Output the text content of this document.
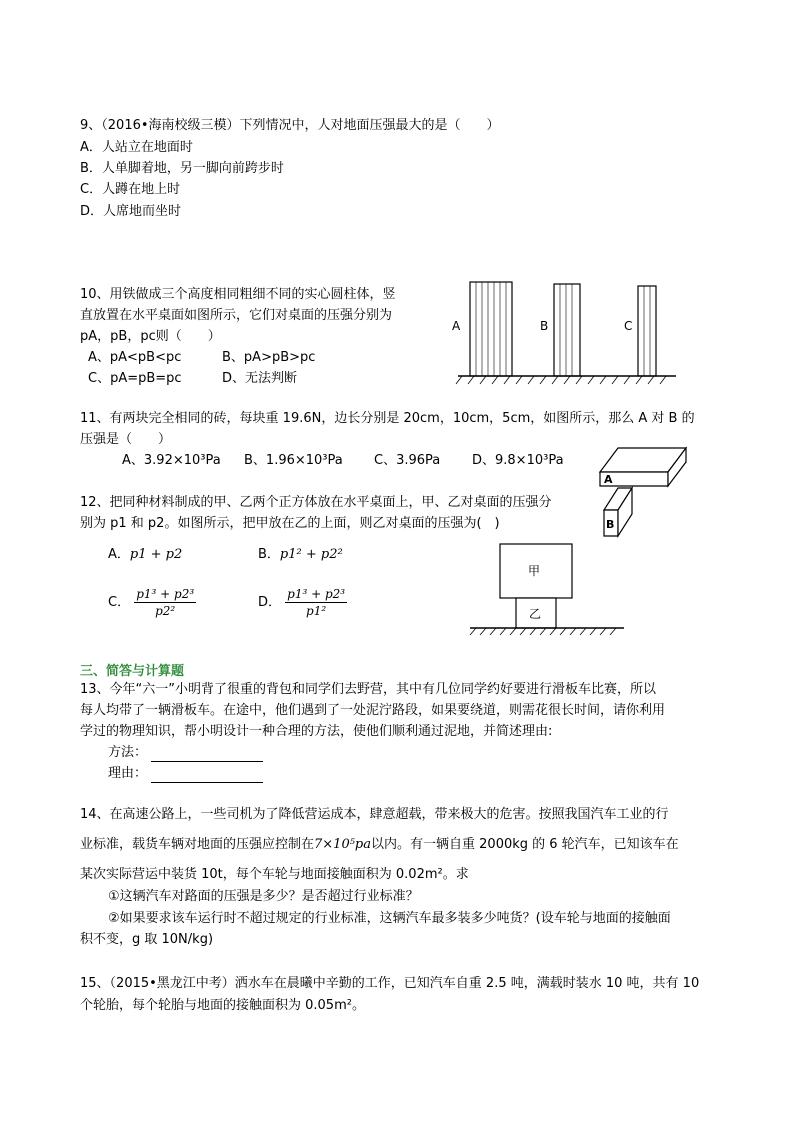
9、（2016•海南校级三模）下列情况中，人对地面压强最大的是（　　）
A．人站立在地面时
B．人单脚着地，另一脚向前跨步时
C．人蹲在地上时
D．人席地而坐时
10、用铁做成三个高度相同粗细不同的实心圆柱体，竖
直放置在水平桌面如图所示，它们对桌面的压强分别为
pA，pB，pc则（　　）
A、pA<pB<pc	B、pA>pB>pc
C、pA=pB=pc	D、无法判断
A	B	C
11、有两块完全相同的砖，每块重 19.6N，边长分别是 20cm，10cm，5cm，如图所示，那么 A 对 B 的
压强是（　　）
A、3.92×10³Pa B、1.96×10³Pa C、3.96Pa D、9.8×10³Pa
A
B
12、把同种材料制成的甲、乙两个正方体放在水平桌面上，甲、乙对桌面的压强分
别为 p1 和 p2。如图所示，把甲放在乙的上面，则乙对桌面的压强为(　)
A．p1 + p2	B．p1² + p2²
C． $\frac{\text{p1³ + p2³}}{\text{p2²}}$	D． $\frac{\text{p1³ + p2³}}{\text{p1²}}$
甲
乙
三、简答与计算题
13、今年“六一”小明背了很重的背包和同学们去野营，其中有几位同学约好要进行滑板车比赛，所以
每人均带了一辆滑板车。在途中，他们遇到了一处泥泞路段，如果要绕道，则需花很长时间，请你利用
学过的物理知识，帮小明设计一种合理的方法，使他们顺利通过泥地，并简述理由:
方法：
理由：
14、在高速公路上，一些司机为了降低营运成本，肆意超载，带来极大的危害。按照我国汽车工业的行
业标准，载货车辆对地面的压强应控制在7×10⁵pa以内。有一辆自重 2000kg 的 6 轮汽车，已知该车在
某次实际营运中装货 10t，每个车轮与地面接触面积为 0.02m²。求
①这辆汽车对路面的压强是多少？是否超过行业标准？
②如果要求该车运行时不超过规定的行业标准，这辆汽车最多装多少吨货？(设车轮与地面的接触面
积不变，g 取 10N/kg)
15、（2015•黑龙江中考）洒水车在晨曦中辛勤的工作，已知汽车自重 2.5 吨，满载时装水 10 吨，共有 10
个轮胎，每个轮胎与地面的接触面积为 0.05m²。
